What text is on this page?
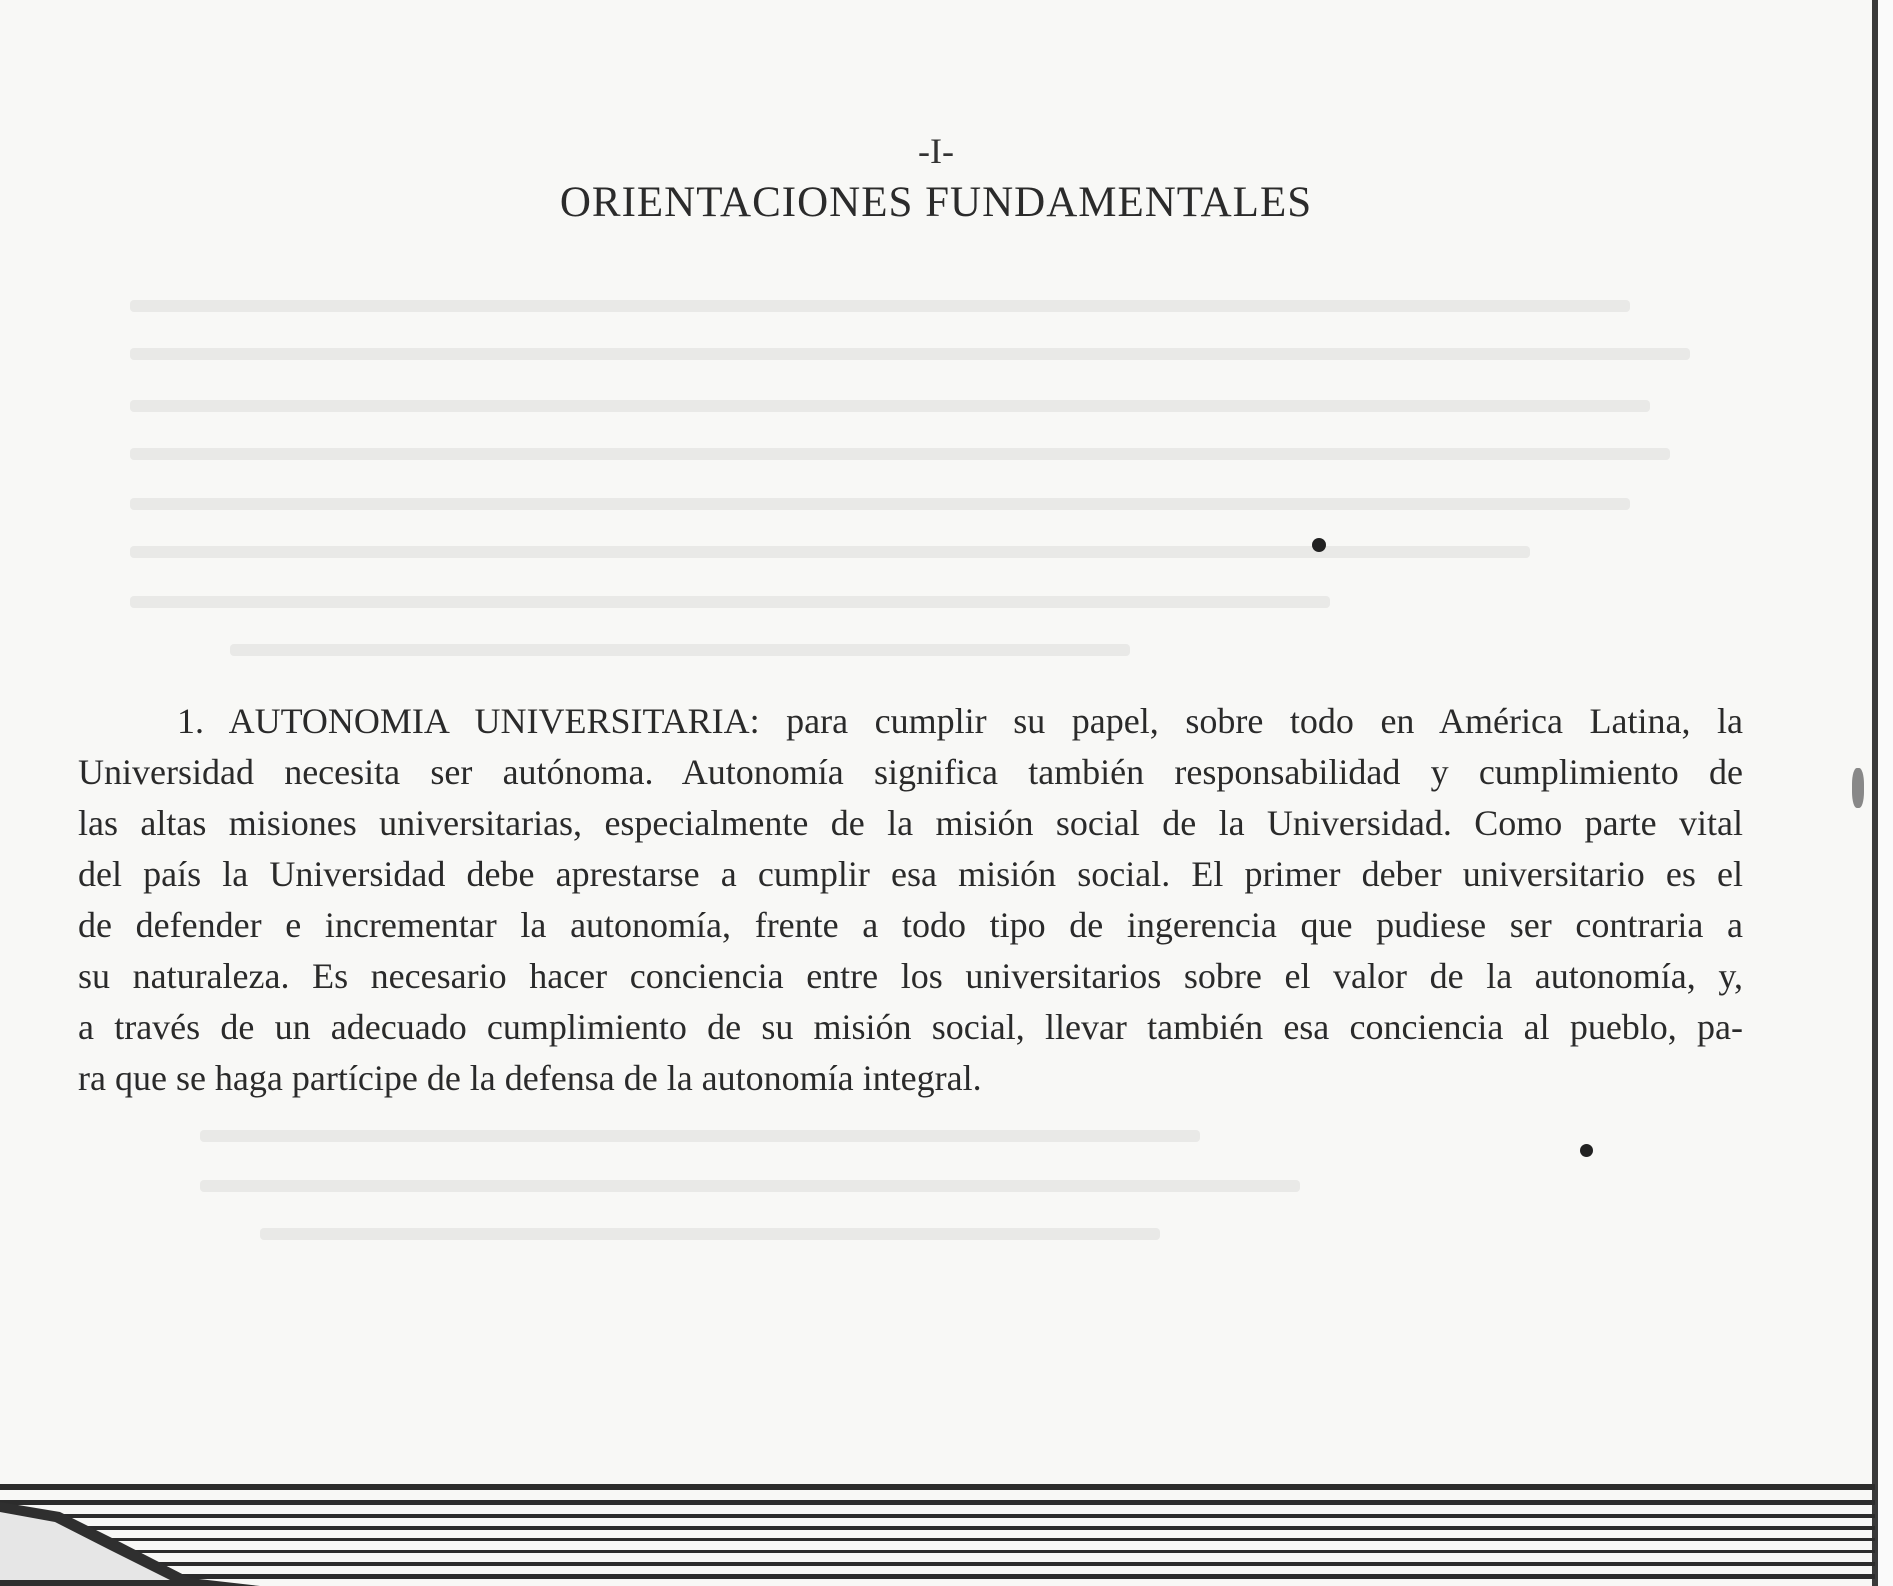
-I-
ORIENTACIONES FUNDAMENTALES
1. AUTONOMIA UNIVERSITARIA: para cumplir su papel, sobre todo en América Latina, la
Universidad necesita ser autónoma. Autonomía significa también responsabilidad y cumplimiento de
las altas misiones universitarias, especialmente de la misión social de la Universidad. Como parte vital
del país la Universidad debe aprestarse a cumplir esa misión social. El primer deber universitario es el
de defender e incrementar la autonomía, frente a todo tipo de ingerencia que pudiese ser contraria a
su naturaleza. Es necesario hacer conciencia entre los universitarios sobre el valor de la autonomía, y,
a través de un adecuado cumplimiento de su misión social, llevar también esa conciencia al pueblo, pa-
ra que se haga partícipe de la defensa de la autonomía integral.
